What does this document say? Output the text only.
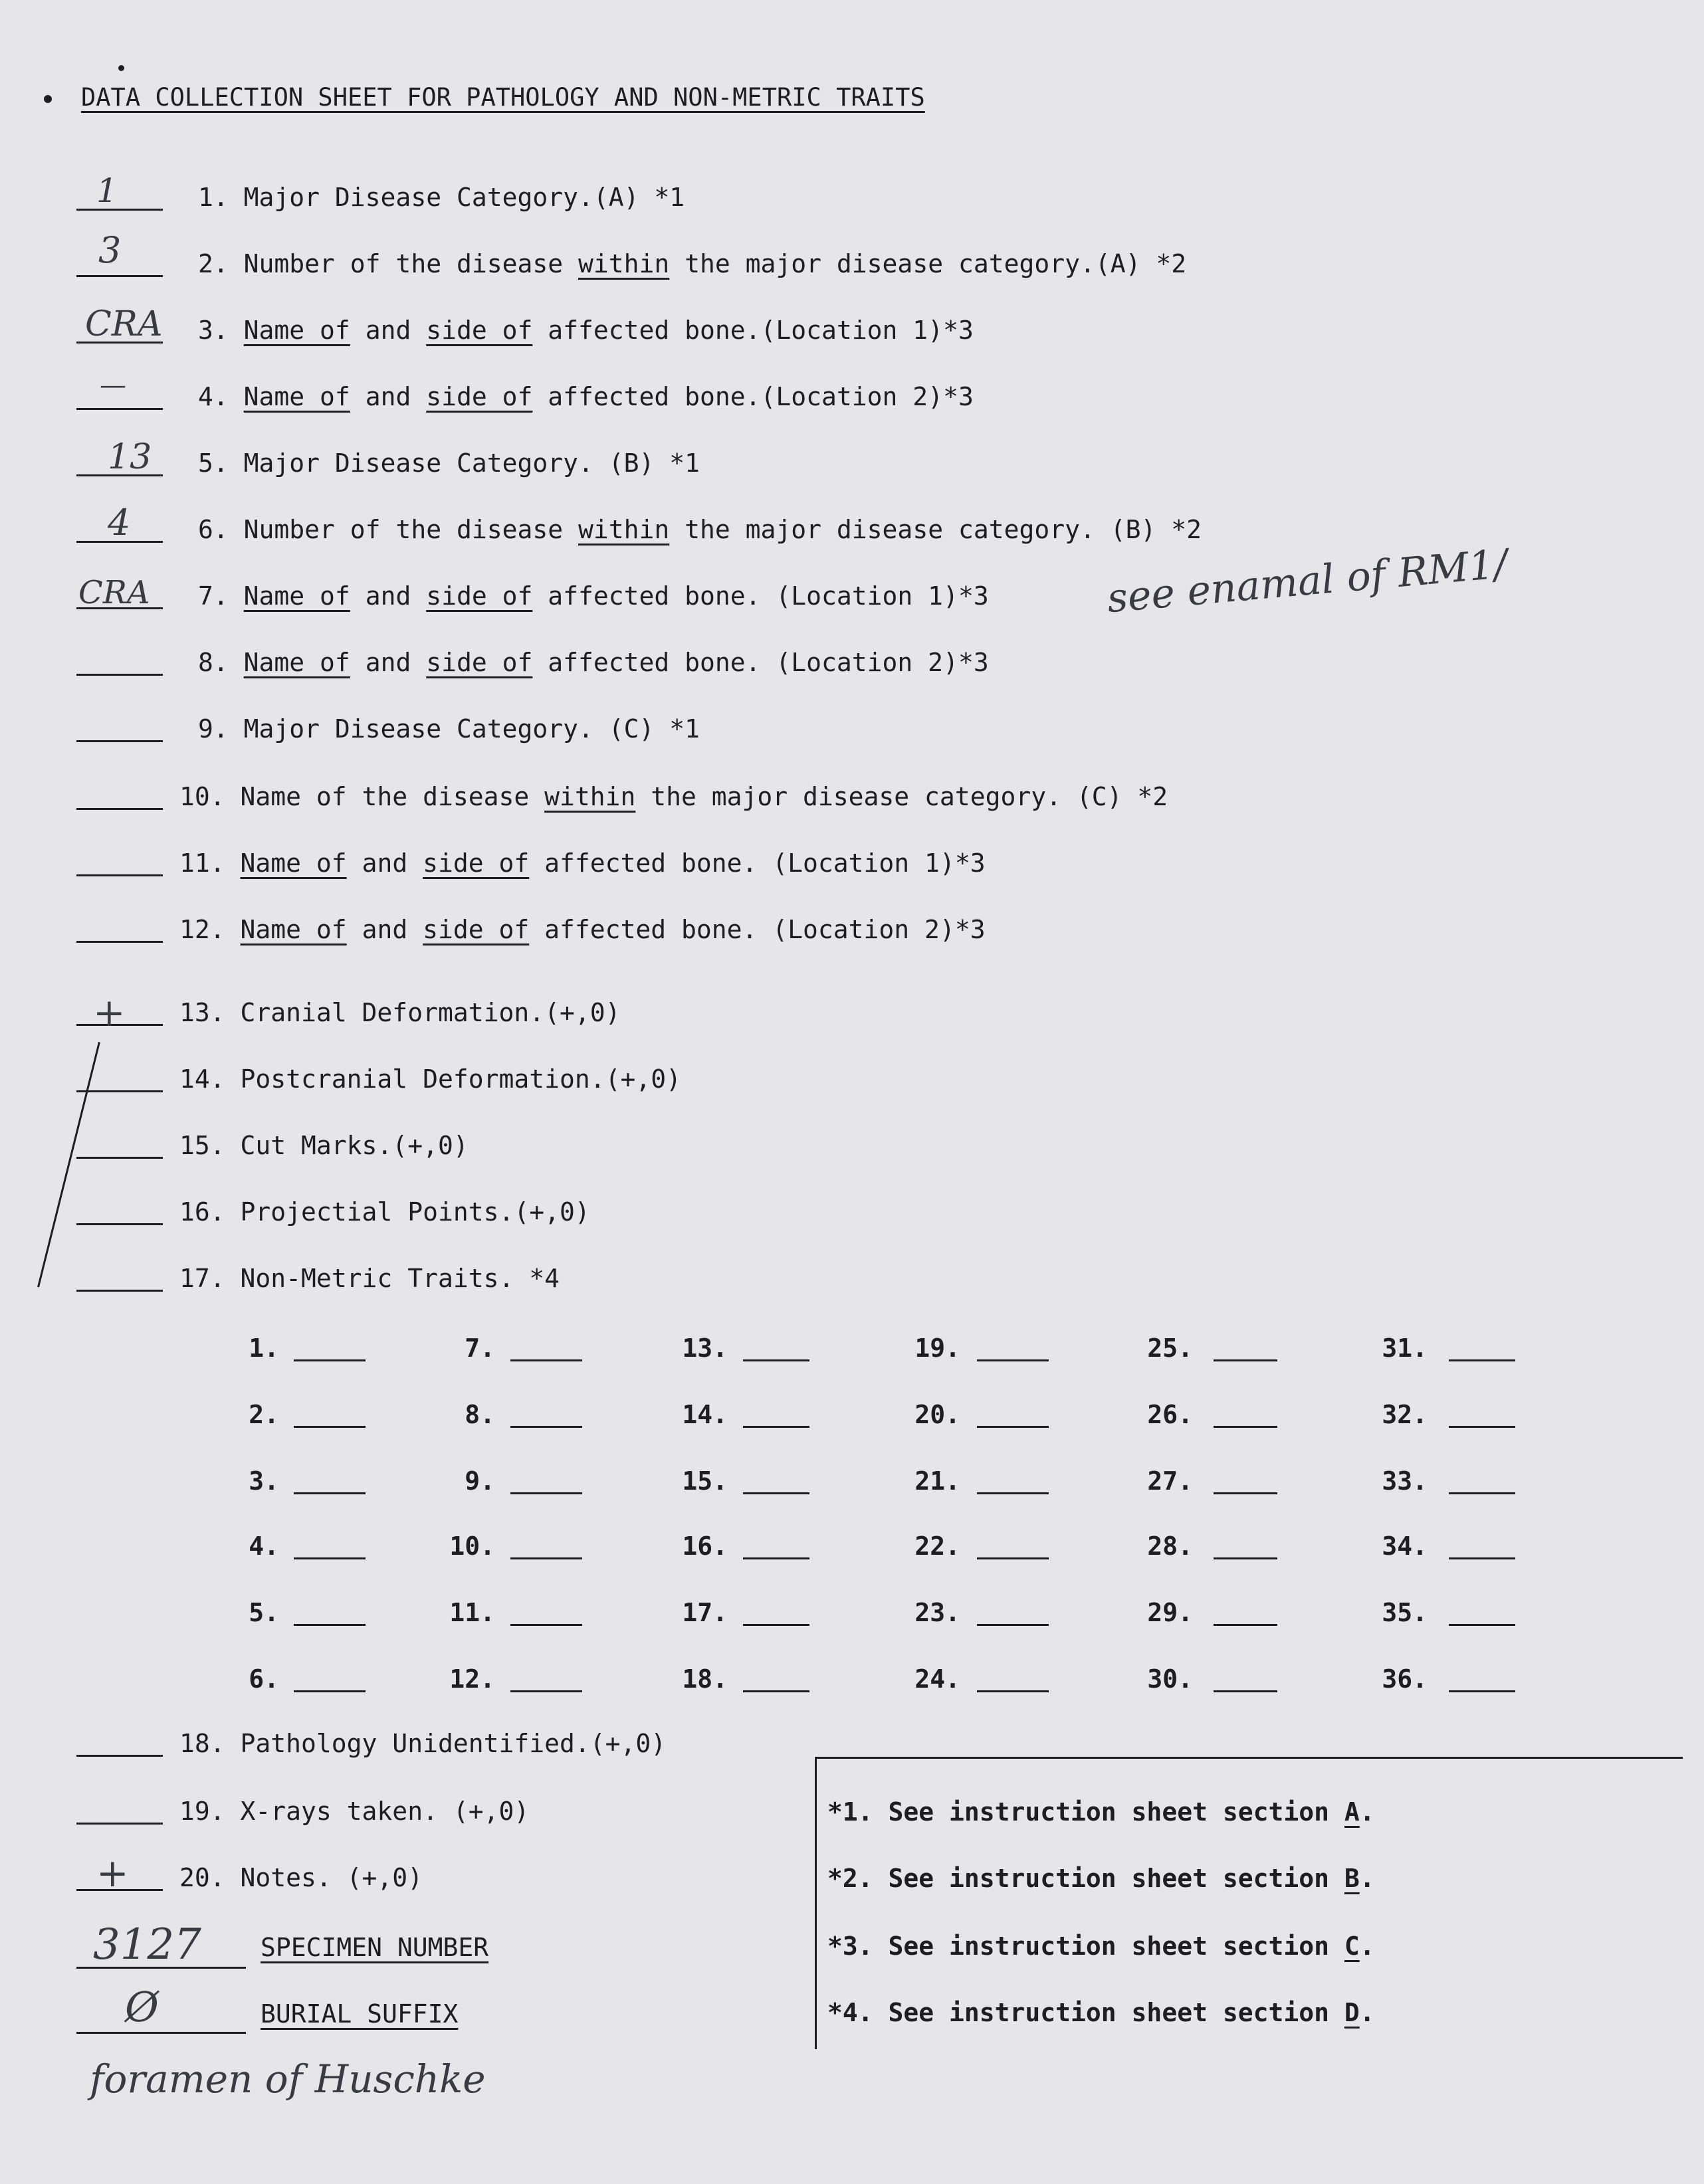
DATA COLLECTION SHEET FOR PATHOLOGY AND NON-METRIC TRAITS
1. Major Disease Category.(A) *1
1
2. Number of the disease within the major disease category.(A) *2
3
3. Name of and side of affected bone.(Location 1)*3
CRA
4. Name of and side of affected bone.(Location 2)*3
—
5. Major Disease Category. (B) *1
13
6. Number of the disease within the major disease category. (B) *2
4
7. Name of and side of affected bone. (Location 1)*3
CRA
8. Name of and side of affected bone. (Location 2)*3
9. Major Disease Category. (C) *1
10. Name of the disease within the major disease category. (C) *2
11. Name of and side of affected bone. (Location 1)*3
12. Name of and side of affected bone. (Location 2)*3
13. Cranial Deformation.(+,0)
+
14. Postcranial Deformation.(+,0)
15. Cut Marks.(+,0)
16. Projectial Points.(+,0)
17. Non-Metric Traits. *4
18. Pathology Unidentified.(+,0)
19. X-rays taken. (+,0)
20. Notes. (+,0)
+
see enamal of RM1/
1.
2.
3.
4.
5.
6.
7.
8.
9.
10.
11.
12.
13.
14.
15.
16.
17.
18.
19.
20.
21.
22.
23.
24.
25.
26.
27.
28.
29.
30.
31.
32.
33.
34.
35.
36.
3127 SPECIMEN NUMBER
Ø	BURIAL SUFFIX
foramen of Huschke
*1. See instruction sheet section A.
*2. See instruction sheet section B.
*3. See instruction sheet section C.
*4. See instruction sheet section D.
